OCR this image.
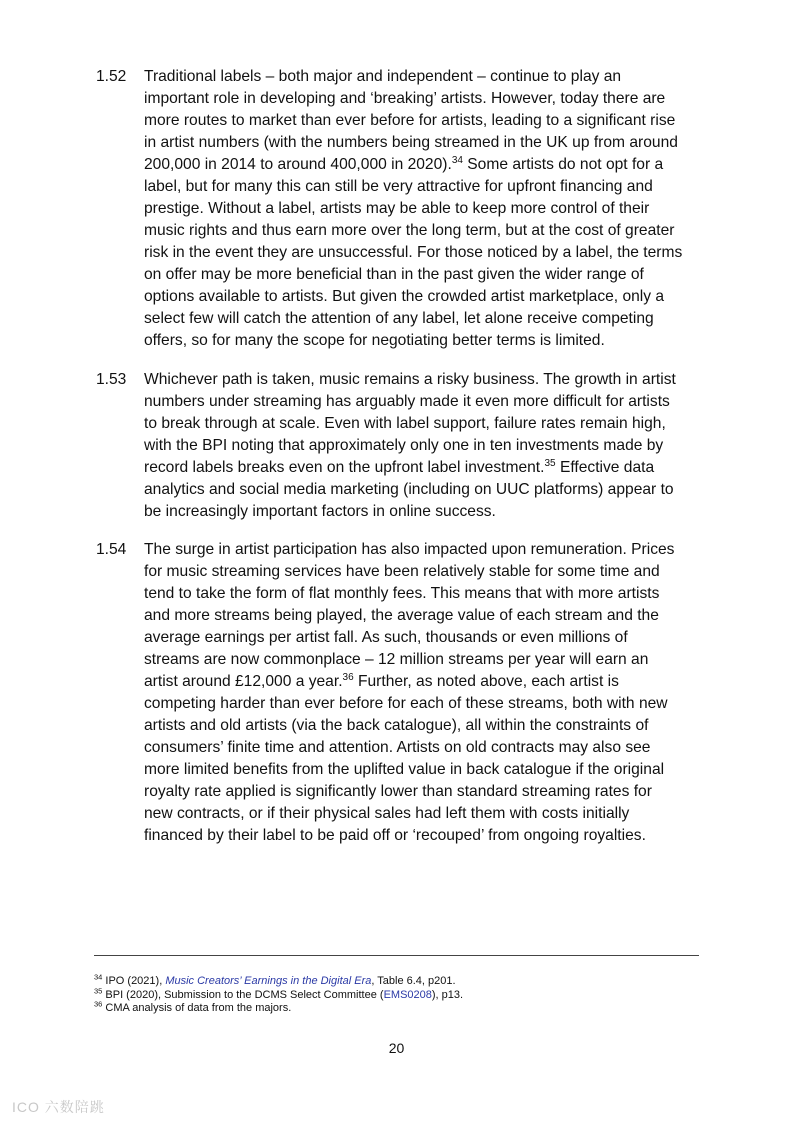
1.52	Traditional labels – both major and independent – continue to play an
important role in developing and ‘breaking’ artists. However, today there are
more routes to market than ever before for artists, leading to a significant rise
in artist numbers (with the numbers being streamed in the UK up from around
200,000 in 2014 to around 400,000 in 2020).$^{34}$ Some artists do not opt for a
label, but for many this can still be very attractive for upfront financing and
prestige. Without a label, artists may be able to keep more control of their
music rights and thus earn more over the long term, but at the cost of greater
risk in the event they are unsuccessful. For those noticed by a label, the terms
on offer may be more beneficial than in the past given the wider range of
options available to artists. But given the crowded artist marketplace, only a
select few will catch the attention of any label, let alone receive competing
offers, so for many the scope for negotiating better terms is limited.
1.53	Whichever path is taken, music remains a risky business. The growth in artist
numbers under streaming has arguably made it even more difficult for artists
to break through at scale. Even with label support, failure rates remain high,
with the BPI noting that approximately only one in ten investments made by
record labels breaks even on the upfront label investment.$^{35}$ Effective data
analytics and social media marketing (including on UUC platforms) appear to
be increasingly important factors in online success.
1.54	The surge in artist participation has also impacted upon remuneration. Prices
for music streaming services have been relatively stable for some time and
tend to take the form of flat monthly fees. This means that with more artists
and more streams being played, the average value of each stream and the
average earnings per artist fall. As such, thousands or even millions of
streams are now commonplace – 12 million streams per year will earn an
artist around £12,000 a year.$^{36}$ Further, as noted above, each artist is
competing harder than ever before for each of these streams, both with new
artists and old artists (via the back catalogue), all within the constraints of
consumers’ finite time and attention. Artists on old contracts may also see
more limited benefits from the uplifted value in back catalogue if the original
royalty rate applied is significantly lower than standard streaming rates for
new contracts, or if their physical sales had left them with costs initially
financed by their label to be paid off or ‘recouped’ from ongoing royalties.
$^{34}$ IPO (2021), Music Creators’ Earnings in the Digital Era, Table 6.4, p201.
$^{35}$ BPI (2020), Submission to the DCMS Select Committee (EMS0208), p13.
$^{36}$ CMA analysis of data from the majors.
20
ICO 六数陪跳
